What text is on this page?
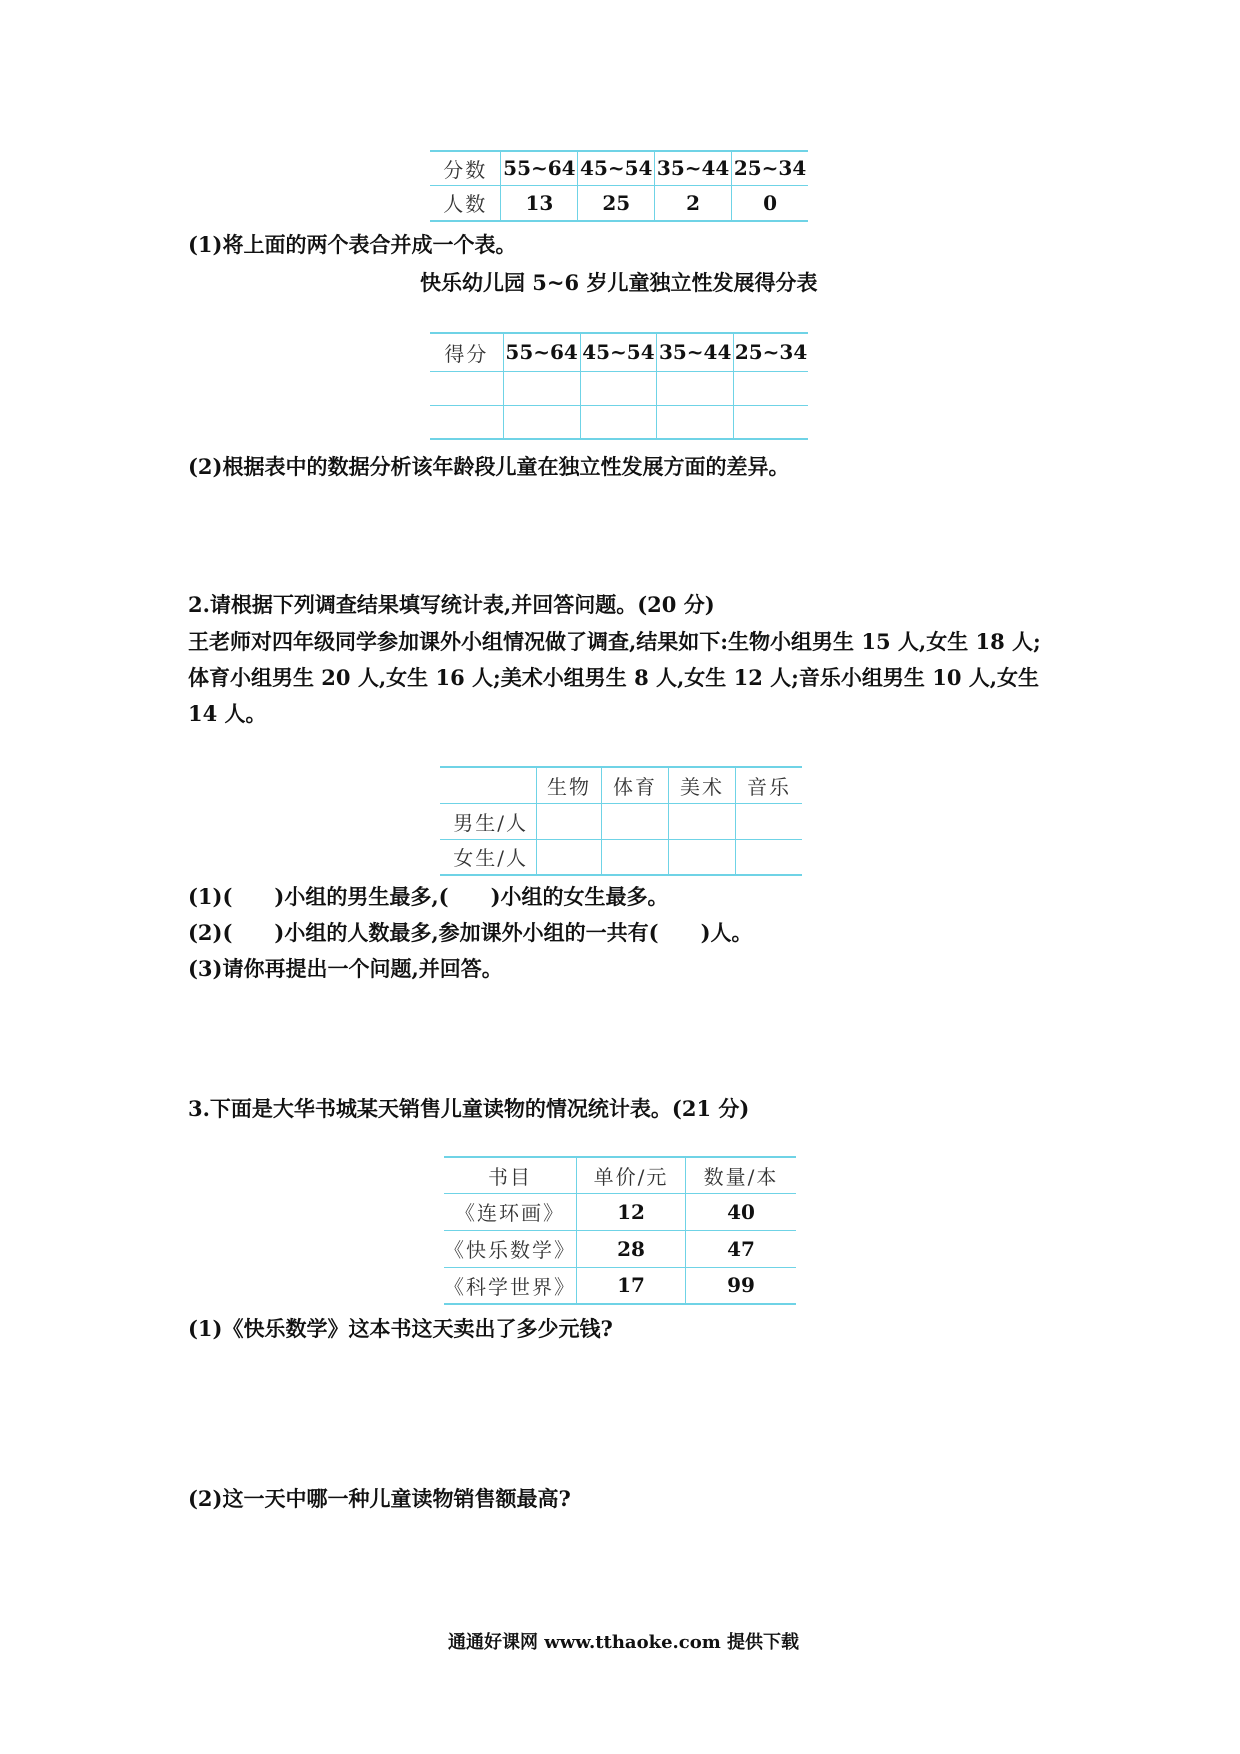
分数	55~64	45~54	35~44	25~34
人数	13	25	2	0
(1)将上面的两个表合并成一个表。
快乐幼儿园 5~6 岁儿童独立性发展得分表
得分	55~64	45~54	35~44	25~34

(2)根据表中的数据分析该年龄段儿童在独立性发展方面的差异。
2.请根据下列调查结果填写统计表,并回答问题。(20 分)
王老师对四年级同学参加课外小组情况做了调查,结果如下:生物小组男生 15 人,女生 18 人;体育小组男生 20 人,女生 16 人;美术小组男生 8 人,女生 12 人;音乐小组男生 10 人,女生 14 人。
	生物	体育	美术	音乐
男生/人				
女生/人				
(1)(　　)小组的男生最多,(　　)小组的女生最多。
(2)(　　)小组的人数最多,参加课外小组的一共有(　　)人。
(3)请你再提出一个问题,并回答。
3.下面是大华书城某天销售儿童读物的情况统计表。(21 分)
书目	单价/元	数量/本
《连环画》	12	40
《快乐数学》	28	47
《科学世界》	17	99
(1)《快乐数学》这本书这天卖出了多少元钱?
(2)这一天中哪一种儿童读物销售额最高?
通通好课网 www.tthaoke.com 提供下载
